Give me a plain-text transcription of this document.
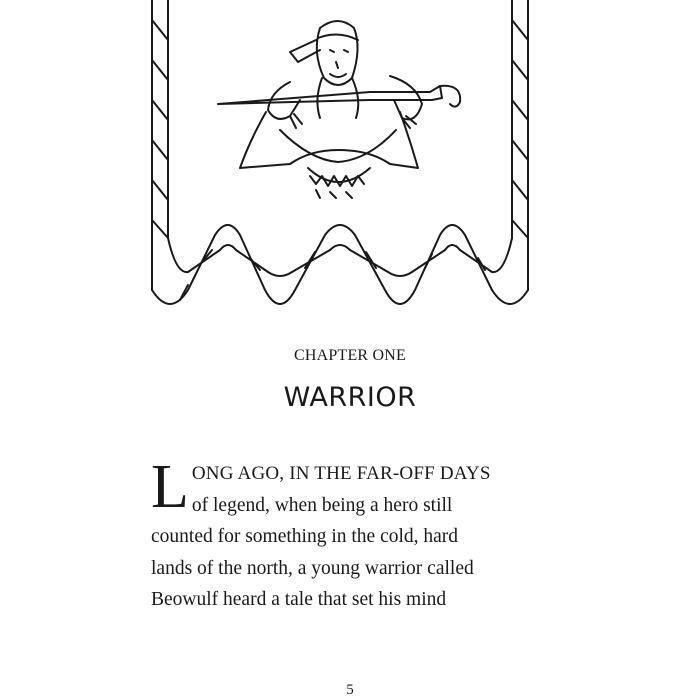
CHAPTER ONE
WARRIOR
L ONG AGO, IN THE FAR-OFF DAYS
of legend, when being a hero still
counted for something in the cold, hard
lands of the north, a young warrior called
Beowulf heard a tale that set his mind
5
